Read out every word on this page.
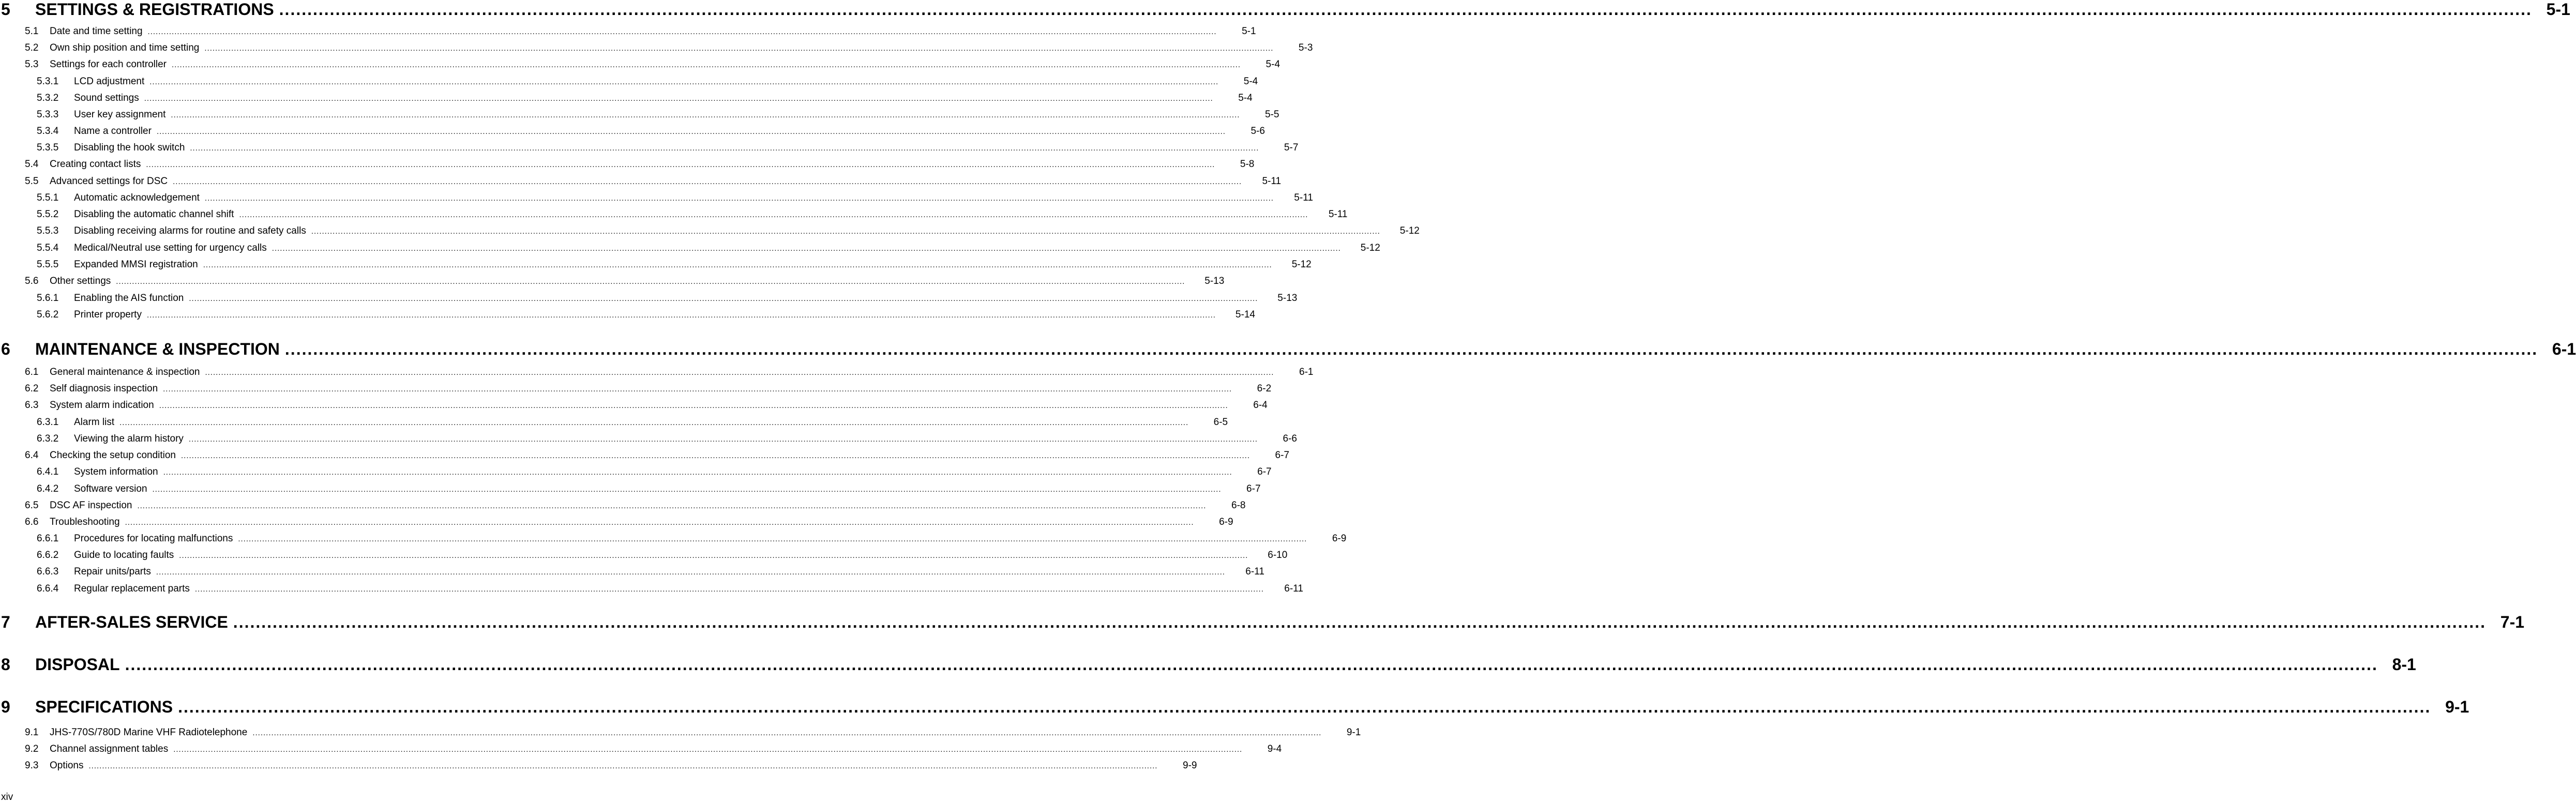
5	SETTINGS & REGISTRATIONS ................................................................................................................................................................................................................................................................................................................................................................................................................ 5-1
5.1	Date and time setting ................................................................................................................................................................................................................................................................................................................................................................................................................	5-1
5.2	Own ship position and time setting ................................................................................................................................................................................................................................................................................................................................................................................................................	5-3
5.3	Settings for each controller ................................................................................................................................................................................................................................................................................................................................................................................................................	5-4
5.3.1	LCD adjustment ................................................................................................................................................................................................................................................................................................................................................................................................................	5-4
5.3.2	Sound settings ................................................................................................................................................................................................................................................................................................................................................................................................................	5-4
5.3.3	User key assignment ................................................................................................................................................................................................................................................................................................................................................................................................................	5-5
5.3.4	Name a controller ................................................................................................................................................................................................................................................................................................................................................................................................................	5-6
5.3.5	Disabling the hook switch ................................................................................................................................................................................................................................................................................................................................................................................................................	5-7
5.4	Creating contact lists ................................................................................................................................................................................................................................................................................................................................................................................................................	5-8
5.5	Advanced settings for DSC ................................................................................................................................................................................................................................................................................................................................................................................................................ 5-11
5.5.1	Automatic acknowledgement ................................................................................................................................................................................................................................................................................................................................................................................................................ 5-11
5.5.2	Disabling the automatic channel shift ................................................................................................................................................................................................................................................................................................................................................................................................................ 5-11
5.5.3	Disabling receiving alarms for routine and safety calls ................................................................................................................................................................................................................................................................................................................................................................................................................ 5-12
5.5.4	Medical/Neutral use setting for urgency calls ................................................................................................................................................................................................................................................................................................................................................................................................................ 5-12
5.5.5	Expanded MMSI registration ................................................................................................................................................................................................................................................................................................................................................................................................................ 5-12
5.6	Other settings ................................................................................................................................................................................................................................................................................................................................................................................................................ 5-13
5.6.1	Enabling the AIS function ................................................................................................................................................................................................................................................................................................................................................................................................................ 5-13
5.6.2	Printer property ................................................................................................................................................................................................................................................................................................................................................................................................................ 5-14
6	MAINTENANCE & INSPECTION ................................................................................................................................................................................................................................................................................................................................................................................................................ 6-1
6.1	General maintenance & inspection ................................................................................................................................................................................................................................................................................................................................................................................................................	6-1
6.2	Self diagnosis inspection ................................................................................................................................................................................................................................................................................................................................................................................................................	6-2
6.3	System alarm indication ................................................................................................................................................................................................................................................................................................................................................................................................................	6-4
6.3.1	Alarm list ................................................................................................................................................................................................................................................................................................................................................................................................................	6-5
6.3.2	Viewing the alarm history ................................................................................................................................................................................................................................................................................................................................................................................................................	6-6
6.4	Checking the setup condition ................................................................................................................................................................................................................................................................................................................................................................................................................	6-7
6.4.1	System information ................................................................................................................................................................................................................................................................................................................................................................................................................	6-7
6.4.2	Software version ................................................................................................................................................................................................................................................................................................................................................................................................................	6-7
6.5	DSC AF inspection ................................................................................................................................................................................................................................................................................................................................................................................................................	6-8
6.6	Troubleshooting ................................................................................................................................................................................................................................................................................................................................................................................................................	6-9
6.6.1	Procedures for locating malfunctions ................................................................................................................................................................................................................................................................................................................................................................................................................	6-9
6.6.2	Guide to locating faults ................................................................................................................................................................................................................................................................................................................................................................................................................ 6-10
6.6.3	Repair units/parts ................................................................................................................................................................................................................................................................................................................................................................................................................ 6-11
6.6.4	Regular replacement parts ................................................................................................................................................................................................................................................................................................................................................................................................................ 6-11
7	AFTER-SALES SERVICE ................................................................................................................................................................................................................................................................................................................................................................................................................ 7-1
8	DISPOSAL ................................................................................................................................................................................................................................................................................................................................................................................................................ 8-1
9	SPECIFICATIONS ................................................................................................................................................................................................................................................................................................................................................................................................................ 9-1
9.1	JHS-770S/780D Marine VHF Radiotelephone ................................................................................................................................................................................................................................................................................................................................................................................................................	9-1
9.2	Channel assignment tables ................................................................................................................................................................................................................................................................................................................................................................................................................	9-4
9.3	Options ................................................................................................................................................................................................................................................................................................................................................................................................................	9-9
xiv
